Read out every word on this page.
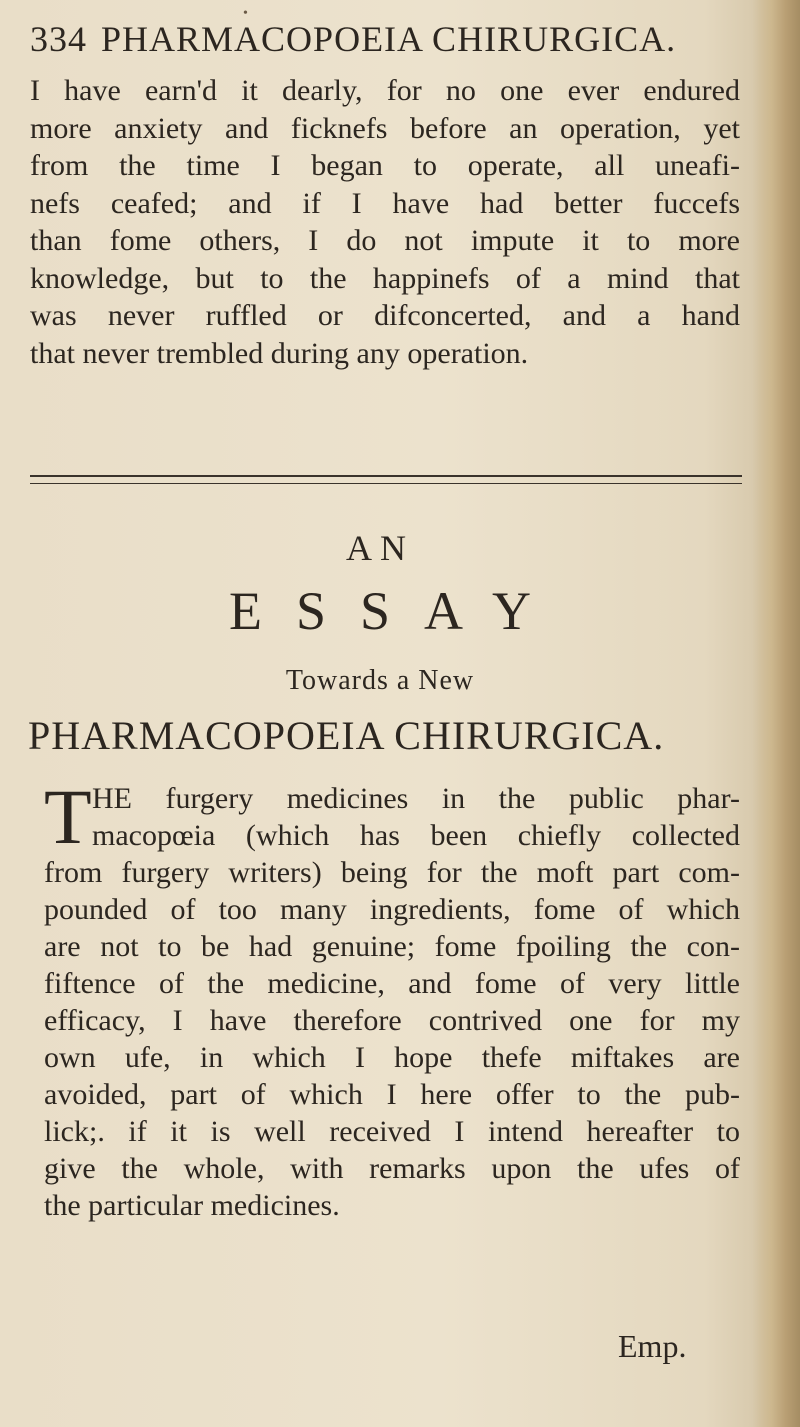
•
334 PHARMACOPOEIA CHIRURGICA.
I have earn'd it dearly, for no one ever endured
more anxiety and ficknefs before an operation, yet
from the time I began to operate, all uneafi-
nefs ceafed; and if I have had better fuccefs
than fome others, I do not impute it to more
knowledge, but to the happinefs of a mind that
was never ruffled or difconcerted, and a hand
that never trembled during any operation.
AN
ESSAY
Towards a New
PHARMACOPOEIA CHIRURGICA.
T HE furgery medicines in the public phar-
macopœia (which has been chiefly collected
from furgery writers) being for the moft part com-
pounded of too many ingredients, fome of which
are not to be had genuine; fome fpoiling the con-
fiftence of the medicine, and fome of very little
efficacy, I have therefore contrived one for my
own ufe, in which I hope thefe miftakes are
avoided, part of which I here offer to the pub-
lick;. if it is well received I intend hereafter to
give the whole, with remarks upon the ufes of
the particular medicines.
Emp.
